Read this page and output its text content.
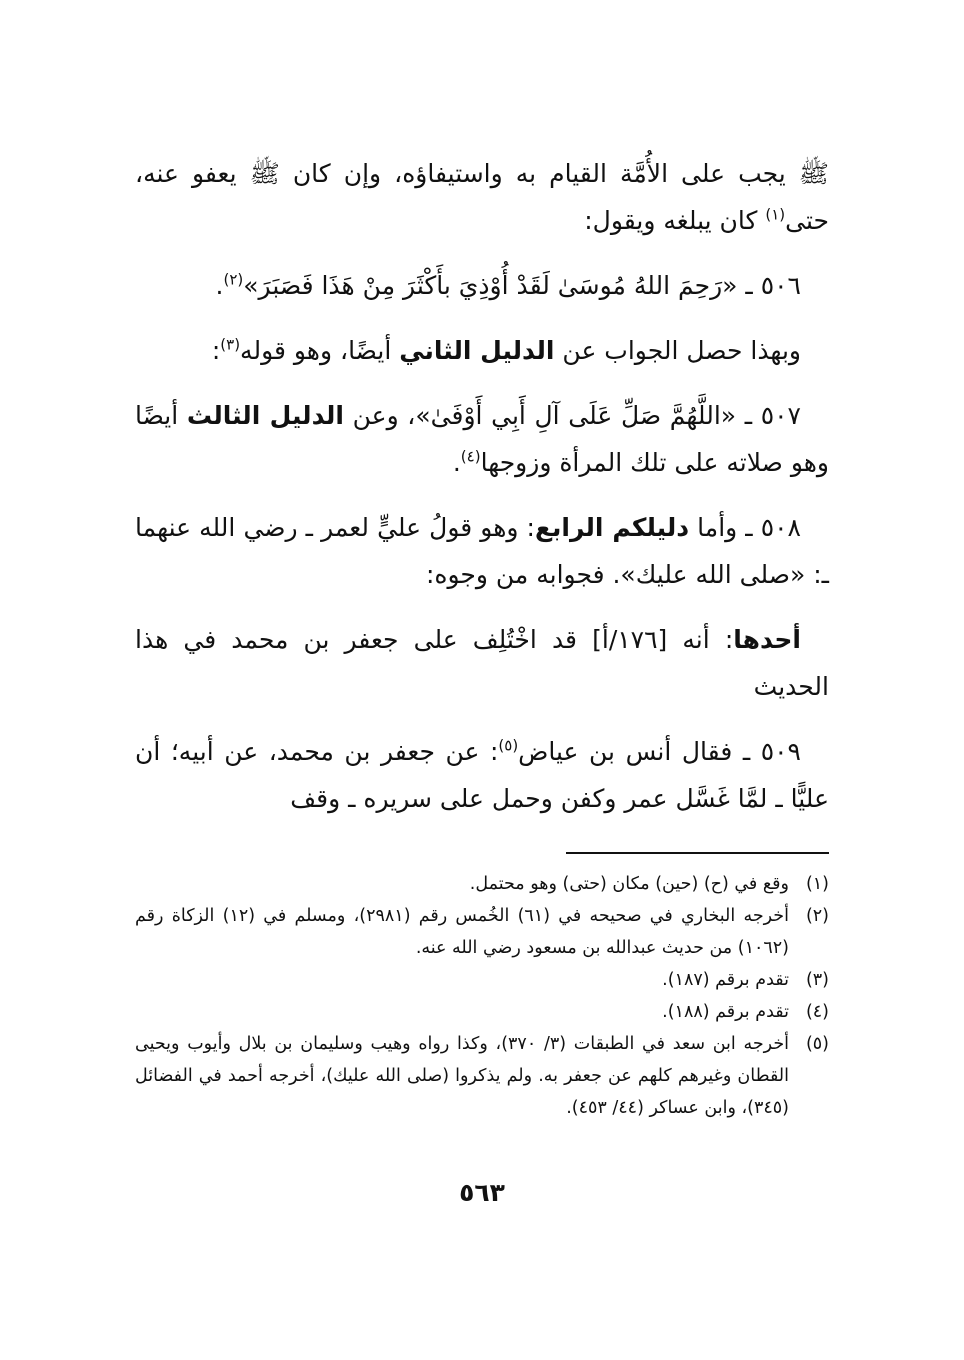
ﷺ يجب على الأُمَّة القيام به واستيفاؤه، وإن كان ﷺ يعفو عنه، حتى$^{(١)}$ كان يبلغه ويقول:

٥٠٦ ـ «رَحِمَ اللهُ مُوسَىٰ لَقَدْ أُوْذِيَ بأَكْثَرَ مِنْ هَذَا فَصَبَرَ»$^{(٢)}$.

وبهذا حصل الجواب عن الدليل الثاني أيضًا، وهو قوله$^{(٣)}$:

٥٠٧ ـ «اللَّهُمَّ صَلِّ عَلَى آلِ أَبِي أَوْفَىٰ»، وعن الدليل الثالث أيضًا وهو صلاته على تلك المرأة وزوجها$^{(٤)}$.

٥٠٨ ـ وأما دليلكم الرابع: وهو قولُ عليٍّ لعمر ـ رضي الله عنهما ـ: «صلى الله عليك». فجوابه من وجوه:

أحدها: أنه [١٧٦/أ] قد اخْتُلِف على جعفر بن محمد في هذا الحديث

٥٠٩ ـ فقال أنس بن عياض$^{(٥)}$: عن جعفر بن محمد، عن أبيه؛ أن عليًّا ـ لمَّا غَسَّل عمر وكفن وحمل على سريره ـ وقف

(١)
وقع في (ح) (حين) مكان (حتى) وهو محتمل.
(٢)
أخرجه البخاري في صحيحه في (٦١) الخُمس رقم (٢٩٨١)، ومسلم في (١٢) الزكاة رقم (١٠٦٢) من حديث عبدالله بن مسعود رضي الله عنه.
(٣)
تقدم برقم (١٨٧).
(٤)
تقدم برقم (١٨٨).
(٥)
أخرجه ابن سعد في الطبقات (٣/ ٣٧٠)، وكذا رواه وهيب وسليمان بن بلال وأيوب ويحيى القطان وغيرهم كلهم عن جعفر به. ولم يذكروا (صلى الله عليك)، أخرجه أحمد في الفضائل (٣٤٥)، وابن عساكر (٤٤/ ٤٥٣).
٥٦٣
